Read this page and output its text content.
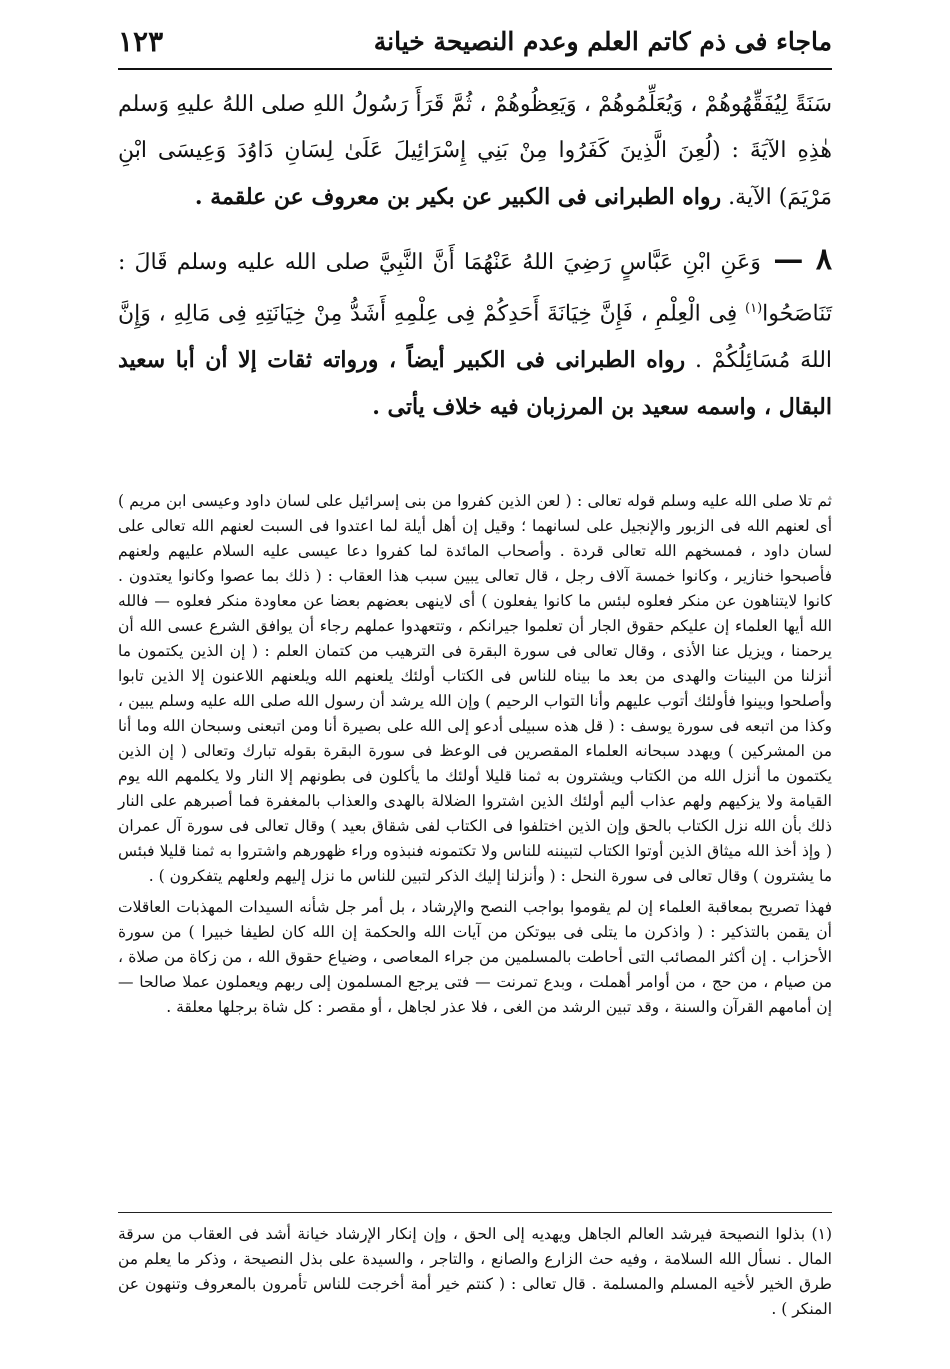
ماجاء فى ذم كاتم العلم وعدم النصيحة خيانة
١٢٣

سَنَةً لِيُفَقِّهُوهُمْ ، وَيُعَلِّمُوهُمْ ، وَيَعِظُوهُمْ ، ثُمَّ قَرَأَ رَسُولُ اللهِ صلى اللهُ عليهِ وَسلم هٰذِهِ الآيَةَ : (لُعِنَ الَّذِينَ كَفَرُوا مِنْ بَنِي إِسْرَائِيلَ عَلَىٰ لِسَانِ دَاوُدَ وَعِيسَى ابْنِ مَرْيَمَ) الآية. رواه الطبرانى فى الكبير عن بكير بن معروف عن علقمة .

٨ — وَعَنِ ابْنِ عَبَّاسٍ رَضِيَ اللهُ عَنْهُمَا أَنَّ النَّبِيَّ صلى الله عليه وسلم قَالَ : تَنَاصَحُوا$^{(١)}$ فِى الْعِلْمِ ، فَإِنَّ خِيَانَةَ أَحَدِكُمْ فِى عِلْمِهِ أَشَدُّ مِنْ خِيَانَتِهِ فِى مَالِهِ ، وَإِنَّ اللهَ مُسَائِلُكُمْ . رواه الطبرانى فى الكبير أيضاً ، ورواته ثقات إلا أن أبا سعيد البقال ، واسمه سعيد بن المرزبان فيه خلاف يأتى .

ثم تلا صلى الله عليه وسلم قوله تعالى : ( لعن الذين كفروا من بنى إسرائيل على لسان داود وعيسى ابن مريم ) أى لعنهم الله فى الزبور والإنجيل على لسانهما ؛ وقيل إن أهل أيلة لما اعتدوا فى السبت لعنهم الله تعالى على لسان داود ، فمسخهم الله تعالى قردة . وأصحاب المائدة لما كفروا دعا عيسى عليه السلام عليهم ولعنهم فأصبحوا خنازير ، وكانوا خمسة آلاف رجل ، قال تعالى يبين سبب هذا العقاب : ( ذلك بما عصوا وكانوا يعتدون . كانوا لايتناهون عن منكر فعلوه لبئس ما كانوا يفعلون ) أى لاينهى بعضهم بعضا عن معاودة منكر فعلوه — فالله الله أيها العلماء إن عليكم حقوق الجار أن تعلموا جيرانكم ، وتتعهدوا عملهم رجاء أن يوافق الشرع عسى الله أن يرحمنا ، ويزيل عنا الأذى ، وقال تعالى فى سورة البقرة فى الترهيب من كتمان العلم : ( إن الذين يكتمون ما أنزلنا من البينات والهدى من بعد ما بيناه للناس فى الكتاب أولئك يلعنهم الله ويلعنهم اللاعنون إلا الذين تابوا وأصلحوا وبينوا فأولئك أتوب عليهم وأنا التواب الرحيم ) وإن الله يرشد أن رسول الله صلى الله عليه وسلم يبين ، وكذا من اتبعه فى سورة يوسف : ( قل هذه سبيلى أدعو إلى الله على بصيرة أنا ومن اتبعنى وسبحان الله وما أنا من المشركين ) ويهدد سبحانه العلماء المقصرين فى الوعظ فى سورة البقرة بقوله تبارك وتعالى ( إن الذين يكتمون ما أنزل الله من الكتاب ويشترون به ثمنا قليلا أولئك ما يأكلون فى بطونهم إلا النار ولا يكلمهم الله يوم القيامة ولا يزكيهم ولهم عذاب أليم أولئك الذين اشتروا الضلالة بالهدى والعذاب بالمغفرة فما أصبرهم على النار ذلك بأن الله نزل الكتاب بالحق وإن الذين اختلفوا فى الكتاب لفى شقاق بعيد ) وقال تعالى فى سورة آل عمران ( وإذ أخذ الله ميثاق الذين أوتوا الكتاب لتبيننه للناس ولا تكتمونه فنبذوه وراء ظهورهم واشتروا به ثمنا قليلا فبئس ما يشترون ) وقال تعالى فى سورة النحل : ( وأنزلنا إليك الذكر لتبين للناس ما نزل إليهم ولعلهم يتفكرون ) .

فهذا تصريح بمعاقبة العلماء إن لم يقوموا بواجب النصح والإرشاد ، بل أمر جل شأنه السيدات المهذبات العاقلات أن يقمن بالتذكير : ( واذكرن ما يتلى فى بيوتكن من آيات الله والحكمة إن الله كان لطيفا خبيرا ) من سورة الأحزاب . إن أكثر المصائب التى أحاطت بالمسلمين من جراء المعاصى ، وضياع حقوق الله ، من زكاة من صلاة ، من صيام ، من حج ، من أوامر أهملت ، وبدع تمرنت — فتى يرجع المسلمون إلى ربهم ويعملون عملا صالحا — إن أمامهم القرآن والسنة ، وقد تبين الرشد من الغى ، فلا عذر لجاهل ، أو مقصر : كل شاة برجلها معلقة .

(١) بذلوا النصيحة فيرشد العالم الجاهل ويهديه إلى الحق ، وإن إنكار الإرشاد خيانة أشد فى العقاب من سرقة المال . نسأل الله السلامة ، وفيه حث الزارع والصانع ، والتاجر ، والسيدة على بذل النصيحة ، وذكر ما يعلم من طرق الخير لأخيه المسلم والمسلمة . قال تعالى : ( كنتم خير أمة أخرجت للناس تأمرون بالمعروف وتنهون عن المنكر ) .
